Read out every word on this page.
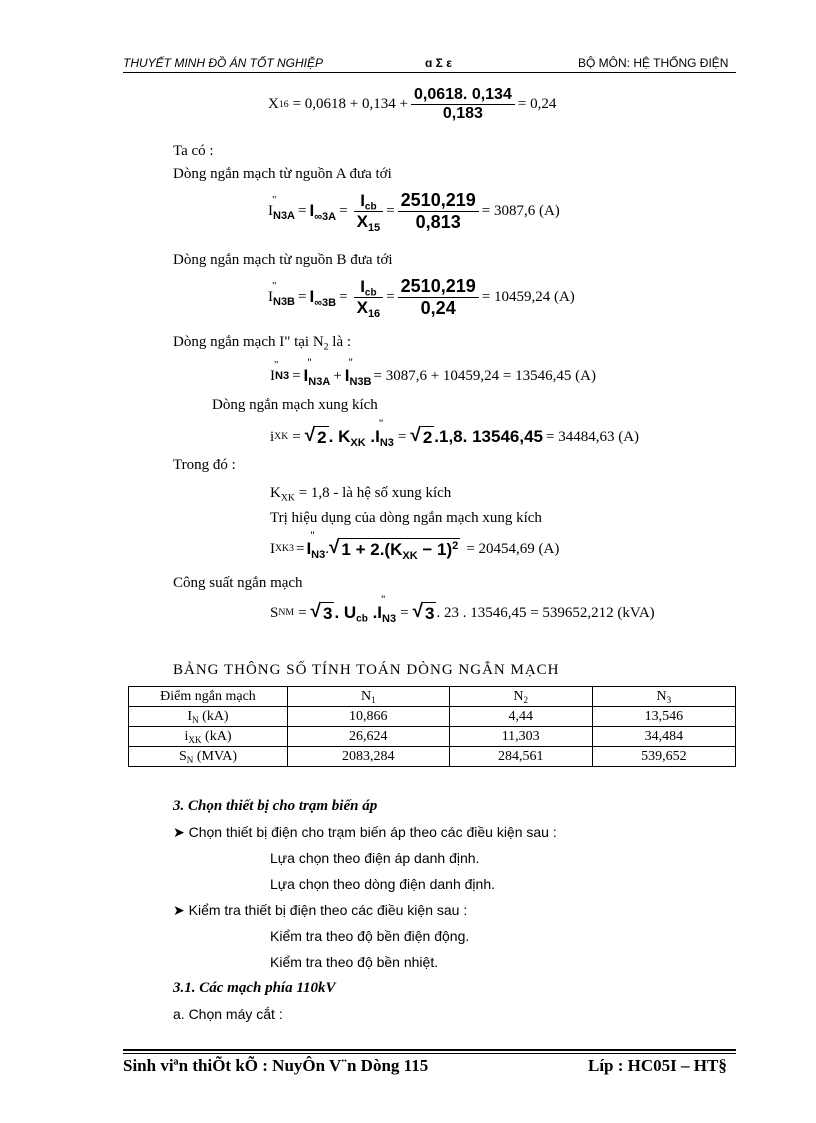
THUYẾT MINH ĐỒ ÁN TỐT NGHIỆP	ɑ Ʃ ε	BỘ MÔN: HỆ THỐNG ĐIỆN
X $16 = 0,0618 + 0,134 + \frac{0,0618. 0,134}{0,183} = 0,24$
Ta có :
Dòng ngắn mạch từ nguồn A đưa tới
I "$_{N3A} = I_{\infty 3A} = \frac{I_{cb}}{X_{15}} = \frac{2510,219}{0,813} = 3087,6$ (A)
Dòng ngắn mạch từ nguồn B đưa tới
I "$_{N3B} = I_{\infty 3B} = \frac{I_{cb}}{X_{16}} = \frac{2510,219}{0,24} = 10459,24$ (A)
Dòng ngắn mạch I" tại $N_2$ là :
I " N3 = I "$_{N3A} + I$ "$_{N3B} = 3087,6 + 10459,24 = 13546,45$ (A)
Dòng ngắn mạch xung kích
i XK = √ 2 . $K_{XK}$ .I "$_{N3}$ = √ 2 .1,8. 13546,45 = 34484,63 (A)
Trong đó :
$K_{XK} = 1,8$ - là hệ số xung kích
Trị hiệu dụng của dòng ngắn mạch xung kích
I XK3 = I "$_{N3}$ . √ $1 + 2.(K_{XK} - 1)^2 = 20454,69$ (A)
Công suất ngắn mạch
S NM = √ 3 . $U_{cb}$ .I "$_{N3}$ = √ 3 . 23 . 13546,45 = 539652,212 (kVA)
BẢNG THÔNG SỐ TÍNH TOÁN DÒNG NGẮN MẠCH
Điểm ngắn mạch	$N_1$	$N_2$	$N_3$
$I_N$ (kA)	10,866	4,44	13,546
$i_{XK}$ (kA)	26,624	11,303	34,484
$S_N$ (MVA)	2083,284	284,561	539,652
3. Chọn thiết bị cho trạm biến áp
➤ Chọn thiết bị điện cho trạm biến áp theo các điều kiện sau :
Lựa chọn theo điện áp danh định.
Lựa chọn theo dòng điện danh định.
➤ Kiểm tra thiết bị điện theo các điều kiện sau :
Kiểm tra theo độ bền điện động.
Kiểm tra theo độ bền nhiệt.
3.1. Các mạch phía 110kV
a. Chọn máy cắt :
Sinh viªn thiÕt kÕ : NuyÔn V¨n Dòng 115	Líp : HC05I – HT§
